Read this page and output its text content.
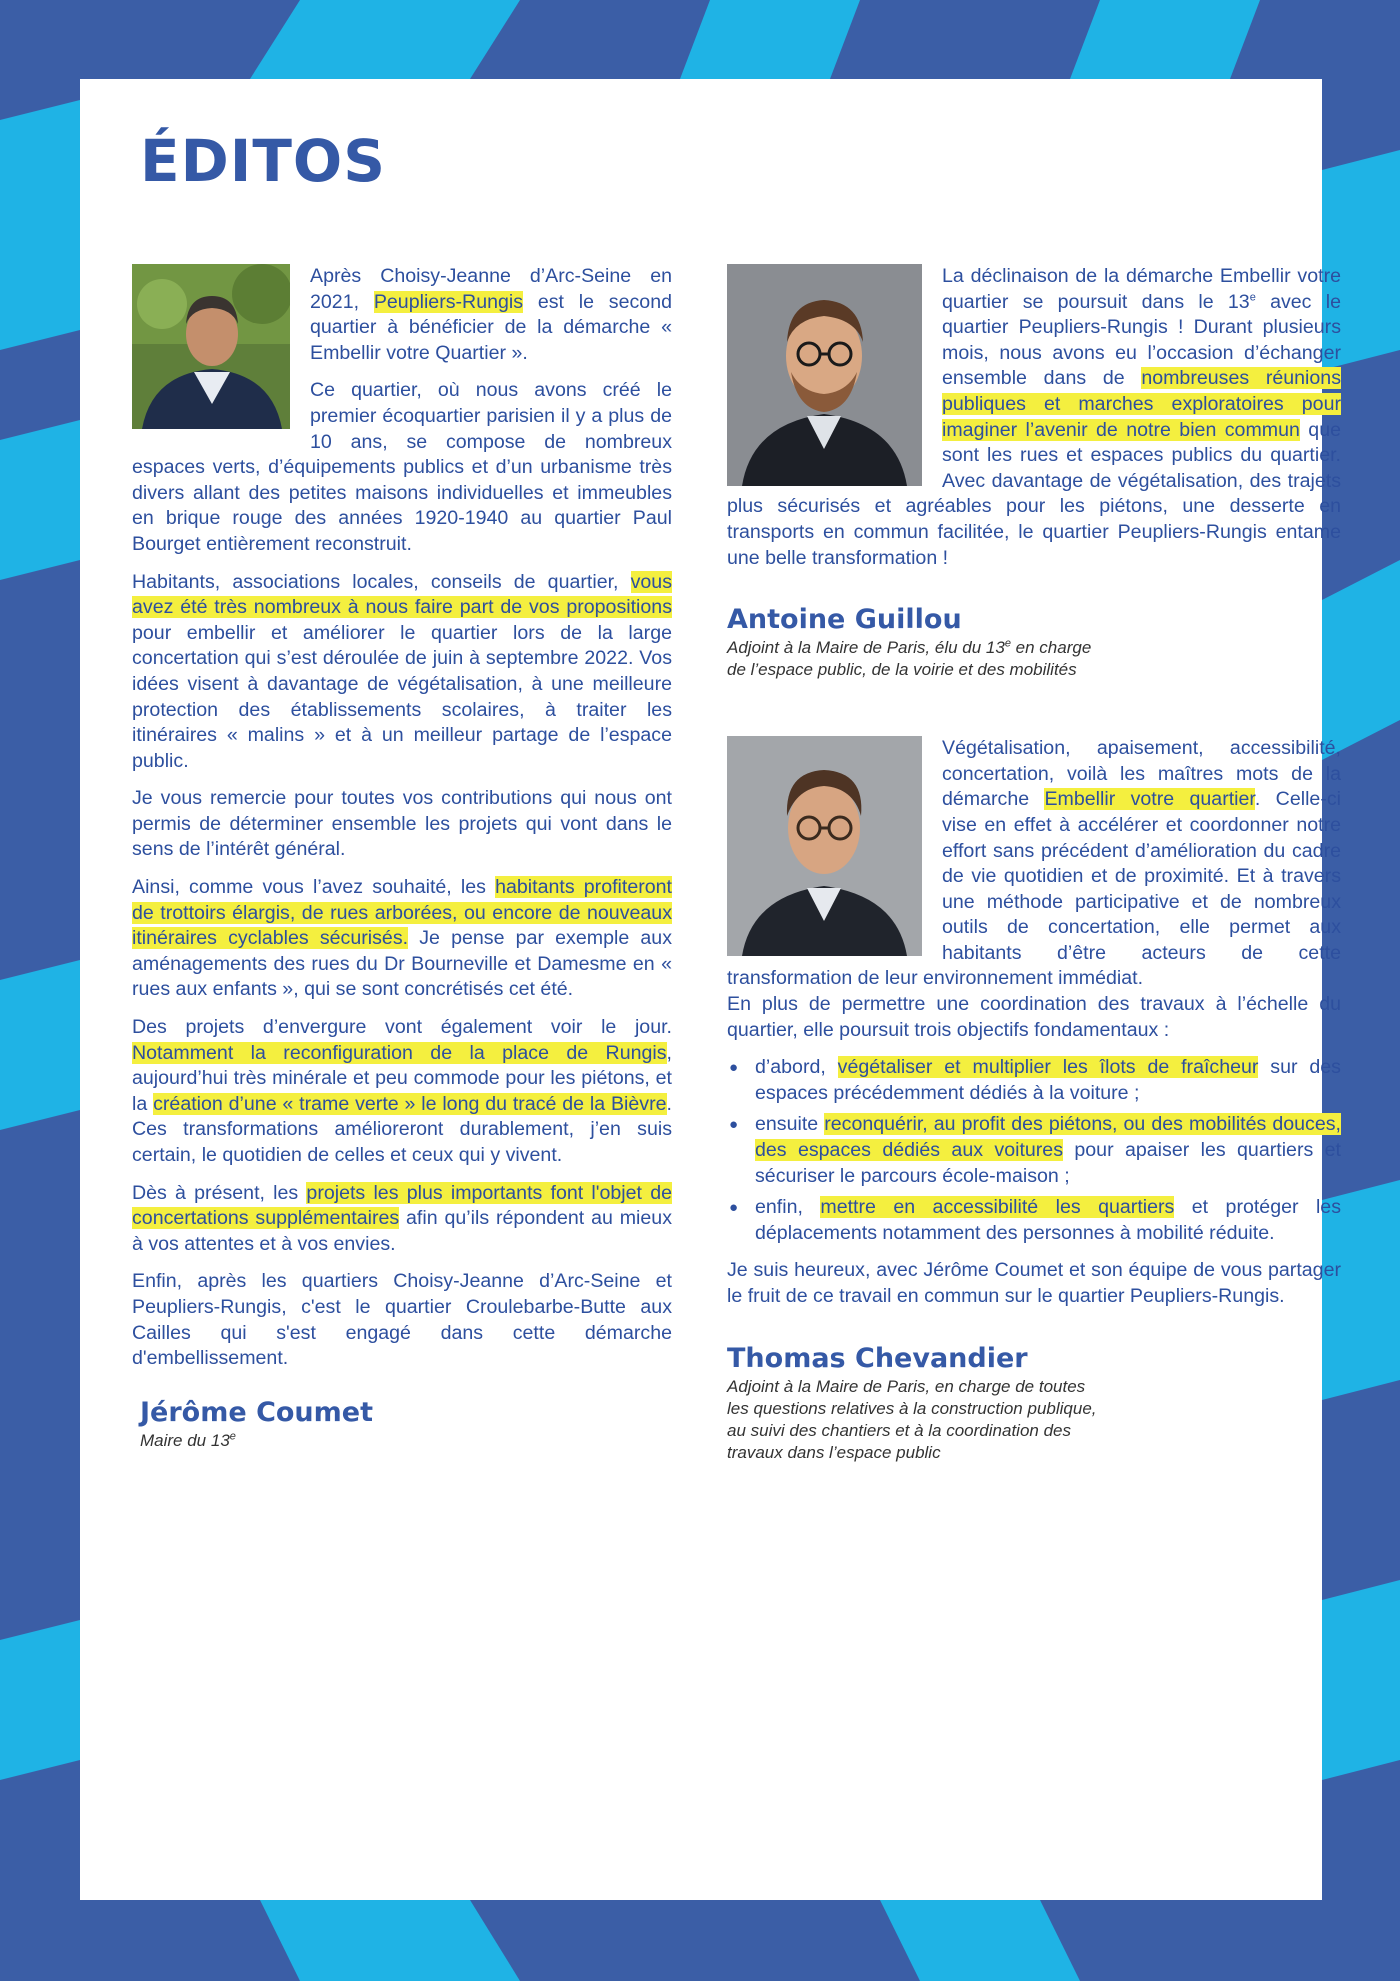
ÉDITOS

Après Choisy-Jeanne d’Arc-Seine en 2021, Peupliers-Rungis est le second quartier à bénéficier de la démarche « Embellir votre Quartier ».

Ce quartier, où nous avons créé le premier écoquartier parisien il y a plus de 10 ans, se compose de nombreux espaces verts, d’équipements publics et d’un urbanisme très divers allant des petites maisons individuelles et immeubles en brique rouge des années 1920-1940 au quartier Paul Bourget entièrement reconstruit.

Habitants, associations locales, conseils de quartier, vous avez été très nombreux à nous faire part de vos propositions pour embellir et améliorer le quartier lors de la large concertation qui s’est déroulée de juin à septembre 2022. Vos idées visent à davantage de végétalisation, à une meilleure protection des établissements scolaires, à traiter les itinéraires « malins » et à un meilleur partage de l’espace public.

Je vous remercie pour toutes vos contributions qui nous ont permis de déterminer ensemble les projets qui vont dans le sens de l’intérêt général.

Ainsi, comme vous l’avez souhaité, les habitants profiteront de trottoirs élargis, de rues arborées, ou encore de nouveaux itinéraires cyclables sécurisés. Je pense par exemple aux aménagements des rues du Dr Bourneville et Damesme en « rues aux enfants », qui se sont concrétisés cet été.

Des projets d’envergure vont également voir le jour. Notamment la reconfiguration de la place de Rungis, aujourd’hui très minérale et peu commode pour les piétons, et la création d’une « trame verte » le long du tracé de la Bièvre. Ces transformations amélioreront durablement, j’en suis certain, le quotidien de celles et ceux qui y vivent.

Dès à présent, les projets les plus importants font l'objet de concertations supplémentaires afin qu’ils répondent au mieux à vos attentes et à vos envies.

Enfin, après les quartiers Choisy-Jeanne d’Arc-Seine et Peupliers-Rungis, c'est le quartier Croulebarbe-Butte aux Cailles qui s'est engagé dans cette démarche d'embellissement.

Jérôme Coumet
Maire du 13e

La déclinaison de la démarche Embellir votre quartier se poursuit dans le 13e avec le quartier Peupliers-Rungis ! Durant plusieurs mois, nous avons eu l’occasion d’échanger ensemble dans de nombreuses réunions publiques et marches exploratoires pour imaginer l’avenir de notre bien commun que sont les rues et espaces publics du quartier. Avec davantage de végétalisation, des trajets plus sécurisés et agréables pour les piétons, une desserte en transports en commun facilitée, le quartier Peupliers-Rungis entame une belle transformation !

Antoine Guillou
Adjoint à la Maire de Paris, élu du 13e en charge
de l’espace public, de la voirie et des mobilités

Végétalisation, apaisement, accessibilité, concertation, voilà les maîtres mots de la démarche Embellir votre quartier. Celle-ci vise en effet à accélérer et coordonner notre effort sans précédent d’amélioration du cadre de vie quotidien et de proximité. Et à travers une méthode participative et de nombreux outils de concertation, elle permet aux habitants d’être acteurs de cette transformation de leur environnement immédiat.
En plus de permettre une coordination des travaux à l’échelle du quartier, elle poursuit trois objectifs fondamentaux :

● d’abord, végétaliser et multiplier les îlots de fraîcheur sur des espaces précédemment dédiés à la voiture ;
● ensuite reconquérir, au profit des piétons, ou des mobilités douces, des espaces dédiés aux voitures pour apaiser les quartiers et sécuriser le parcours école-maison ;
● enfin, mettre en accessibilité les quartiers et protéger les déplacements notamment des personnes à mobilité réduite.

Je suis heureux, avec Jérôme Coumet et son équipe de vous partager le fruit de ce travail en commun sur le quartier Peupliers-Rungis.

Thomas Chevandier
Adjoint à la Maire de Paris, en charge de toutes
les questions relatives à la construction publique,
au suivi des chantiers et à la coordination des
travaux dans l’espace public
